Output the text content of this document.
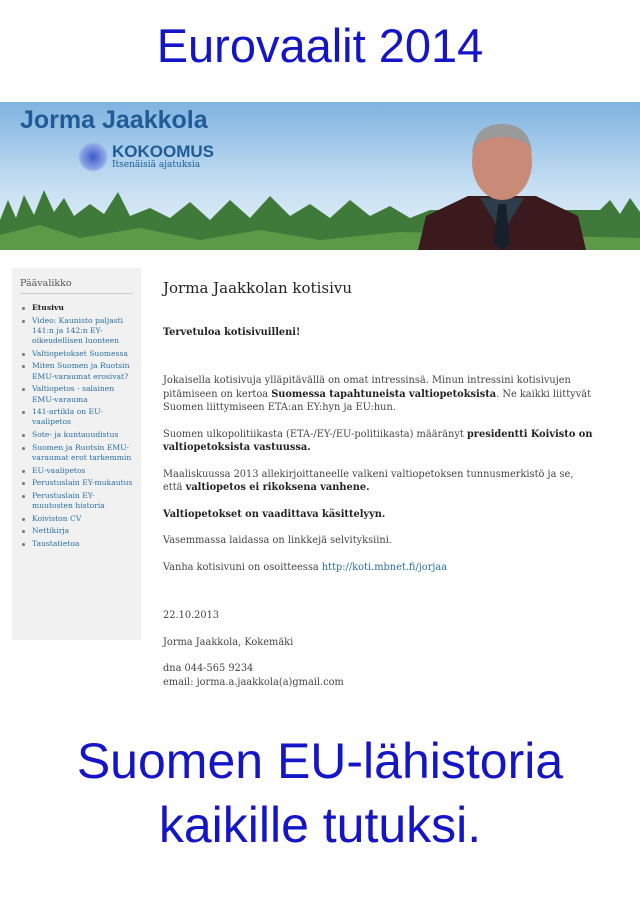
Eurovaalit 2014
Jorma Jaakkola
KOKOOMUS
Itsenäisiä ajatuksia
Päävalikko
Etusivu
Video: Kaunisto paljasti 141:n ja 142:n EY-oikeudellisen luonteen
Valtiopetokset Suomessa
Miten Suomen ja Ruotsin EMU-varaumat erosivat?
Valtiopetos - salainen EMU-varauma
141-artikla on EU-vaalipetos
Sote- ja kuntauudistus
Suomen ja Ruotsin EMU-varaumat erot tarkemmin
EU-vaalipetos
Perustuslain EY-mukautus
Perustuslain EY-muutosten historia
Koiviston CV
Nettikirja
Taustatietoa
Jorma Jaakkolan kotisivu

Tervetuloa kotisivuilleni!

Jokaisella kotisivuja ylläpitävällä on omat intressinsä. Minun intressini kotisivujen pitämiseen on kertoa Suomessa tapahtuneista valtiopetoksista. Ne kaikki liittyvät Suomen liittymiseen ETA:an EY:hyn ja EU:hun.

Suomen ulkopolitiikasta (ETA-/EY-/EU-politiikasta) määränyt presidentti Koivisto on valtiopetoksista vastuussa.

Maaliskuussa 2013 allekirjoittaneelle valkeni valtiopetoksen tunnusmerkistö ja se, että valtiopetos ei rikoksena vanhene.

Valtiopetokset on vaadittava käsittelyyn.

Vasemmassa laidassa on linkkejä selvityksiini.

Vanha kotisivuni on osoitteessa http://koti.mbnet.fi/jorjaa

22.10.2013

Jorma Jaakkola, Kokemäki

dna 044-565 9234
email: jorma.a.jaakkola(a)gmail.com
Suomen EU-lähistoria
kaikille tutuksi.
